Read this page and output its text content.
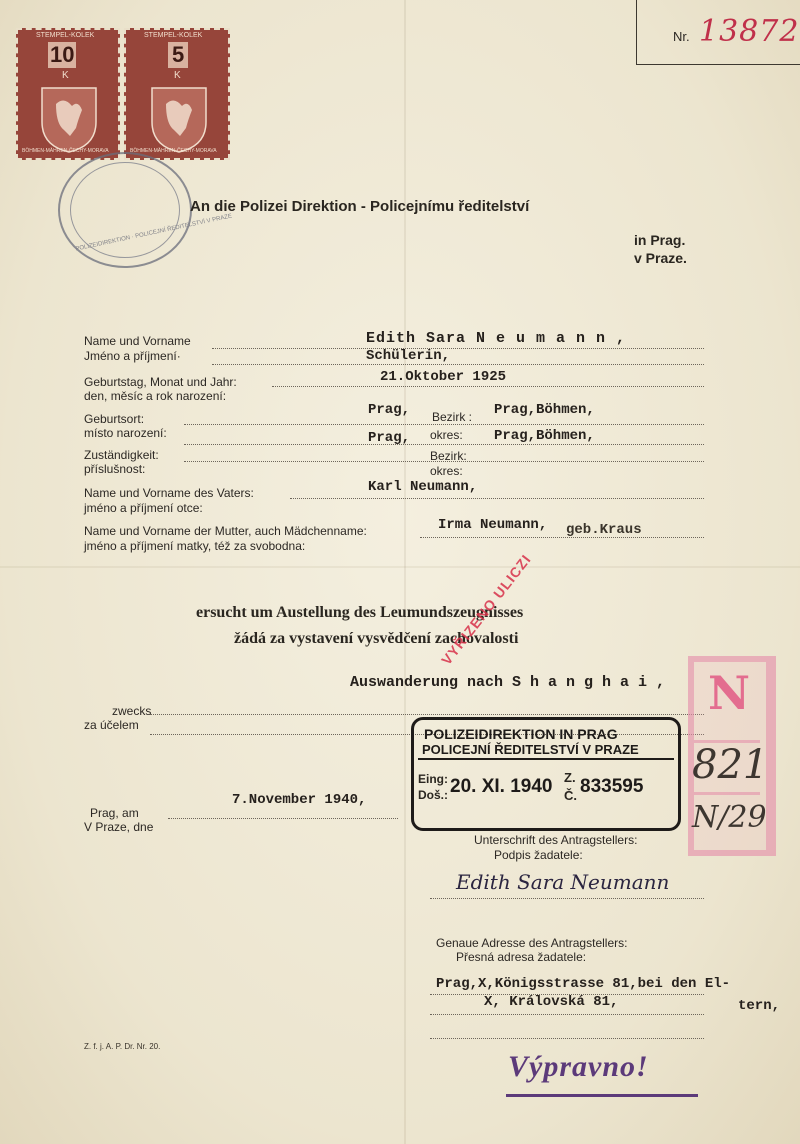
Nr. 13872
STEMPEL-KOLEK
10
K
BÖHMEN-MÄHREN·ČECHY-MORAVA
STEMPEL-KOLEK
5
K
BÖHMEN-MÄHREN·ČECHY-MORAVA
POLIZEIDIREKTION · POLICEJNÍ ŘEDITELSTVÍ V PRAZE
An die Polizei Direktion - Policejnímu ředitelství
in Prag.
v Praze.
Name und Vorname
Jméno a příjmení·
Edith Sara N e u m a n n ,
Schülerin,
Geburtstag, Monat und Jahr:
den, měsíc a rok narození:
21.Oktober 1925
Geburtsort:
místo narození:
Prag, Bezirk : Prag,Böhmen,
Zuständigkeit:
příslušnost:
Prag, okres: Prag,Böhmen,
Bezirk:
okres:
Name und Vorname des Vaters:
jméno a příjmení otce:
Karl Neumann,
Name und Vorname der Mutter, auch Mädchenname:
jméno a příjmení matky, též za svobodna:
Irma Neumann, geb.Kraus
ersucht um Austellung des Leumundszeugnisses
žádá za vystavení vysvědčení zachovalosti
Auswanderung nach S h a n g h a i ,
zwecks
za účelem
VYŘIZENO ULICZI
N
821
N/29
POLIZEIDIREKTION IN PRAG
POLICEJNÍ ŘEDITELSTVÍ V PRAZE
Eing:
Doš.: 20. XI. 1940 Z.
Č. 833595
Prag, am
V Praze, dne
7.November 1940,
Unterschrift des Antragstellers:
Podpis žadatele:
Edith Sara Neumann
Genaue Adresse des Antragstellers:
Přesná adresa žadatele:
Prag,X,Königsstrasse 81,bei den El-
X, Královská 81,	tern,
Z. f. j. A. P. Dr. Nr. 20.
Výpravno!
